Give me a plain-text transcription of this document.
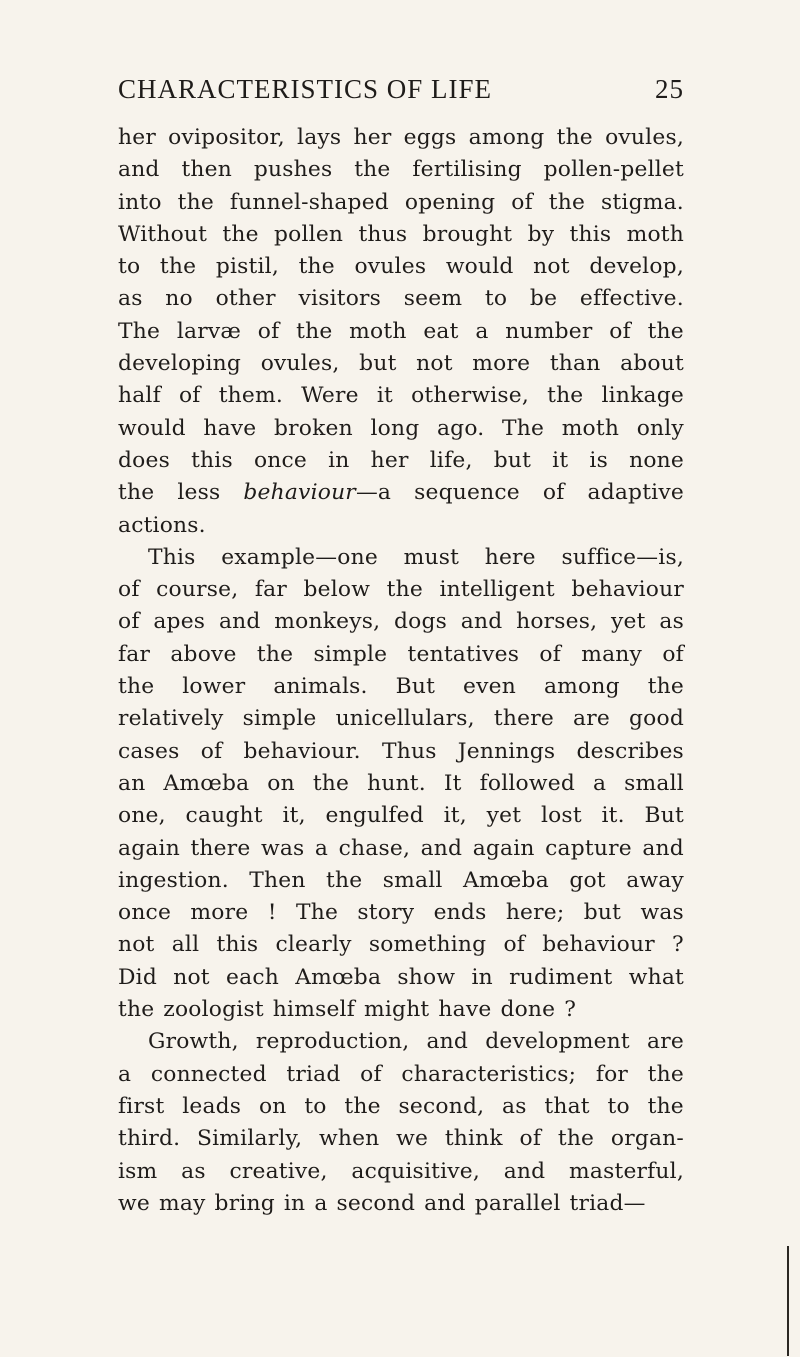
CHARACTERISTICS OF LIFE	25
her ovipositor, lays her eggs among the ovules,
and then pushes the fertilising pollen-pellet
into the funnel-shaped opening of the stigma.
Without the pollen thus brought by this moth
to the pistil, the ovules would not develop,
as no other visitors seem to be effective.
The larvæ of the moth eat a number of the
developing ovules, but not more than about
half of them. Were it otherwise, the linkage
would have broken long ago. The moth only
does this once in her life, but it is none
the less behaviour—a sequence of adaptive
actions.
This example—one must here suffice—is,
of course, far below the intelligent behaviour
of apes and monkeys, dogs and horses, yet as
far above the simple tentatives of many of
the lower animals. But even among the
relatively simple unicellulars, there are good
cases of behaviour. Thus Jennings describes
an Amœba on the hunt. It followed a small
one, caught it, engulfed it, yet lost it. But
again there was a chase, and again capture and
ingestion. Then the small Amœba got away
once more ! The story ends here; but was
not all this clearly something of behaviour ?
Did not each Amœba show in rudiment what
the zoologist himself might have done ?
Growth, reproduction, and development are
a connected triad of characteristics; for the
first leads on to the second, as that to the
third. Similarly, when we think of the organ-
ism as creative, acquisitive, and masterful,
we may bring in a second and parallel triad—
